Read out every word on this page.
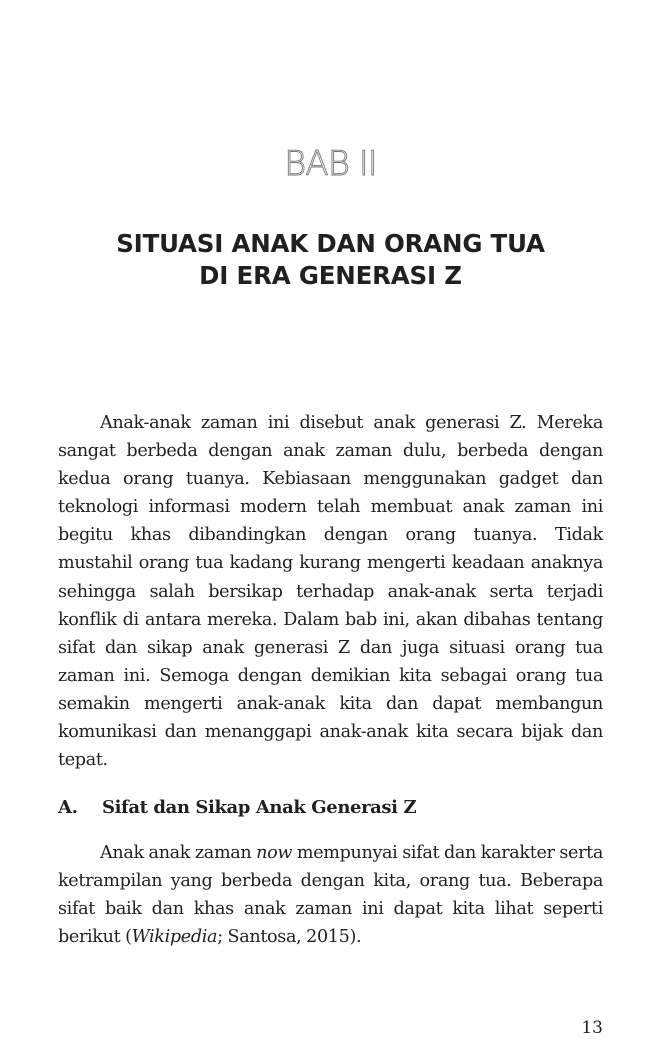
BAB II
SITUASI ANAK DAN ORANG TUA
DI ERA GENERASI Z

Anak-anak zaman ini disebut anak generasi Z. Mereka sangat berbeda dengan anak zaman dulu, berbeda dengan kedua orang tuanya. Kebiasaan menggunakan gadget dan teknologi informasi modern telah membuat anak zaman ini begitu khas dibandingkan dengan orang tuanya. Tidak mustahil orang tua kadang kurang mengerti keadaan anaknya sehingga salah bersikap terhadap anak-anak serta terjadi konflik di antara mereka. Dalam bab ini, akan dibahas tentang sifat dan sikap anak generasi Z dan juga situasi orang tua zaman ini. Semoga dengan demikian kita sebagai orang tua semakin mengerti anak-anak kita dan dapat membangun komunikasi dan menanggapi anak-anak kita secara bijak dan tepat.

A. Sifat dan Sikap Anak Generasi Z

Anak anak zaman now mempunyai sifat dan karakter serta ketrampilan yang berbeda dengan kita, orang tua. Beberapa sifat baik dan khas anak zaman ini dapat kita lihat seperti berikut (Wikipedia; Santosa, 2015).

13
